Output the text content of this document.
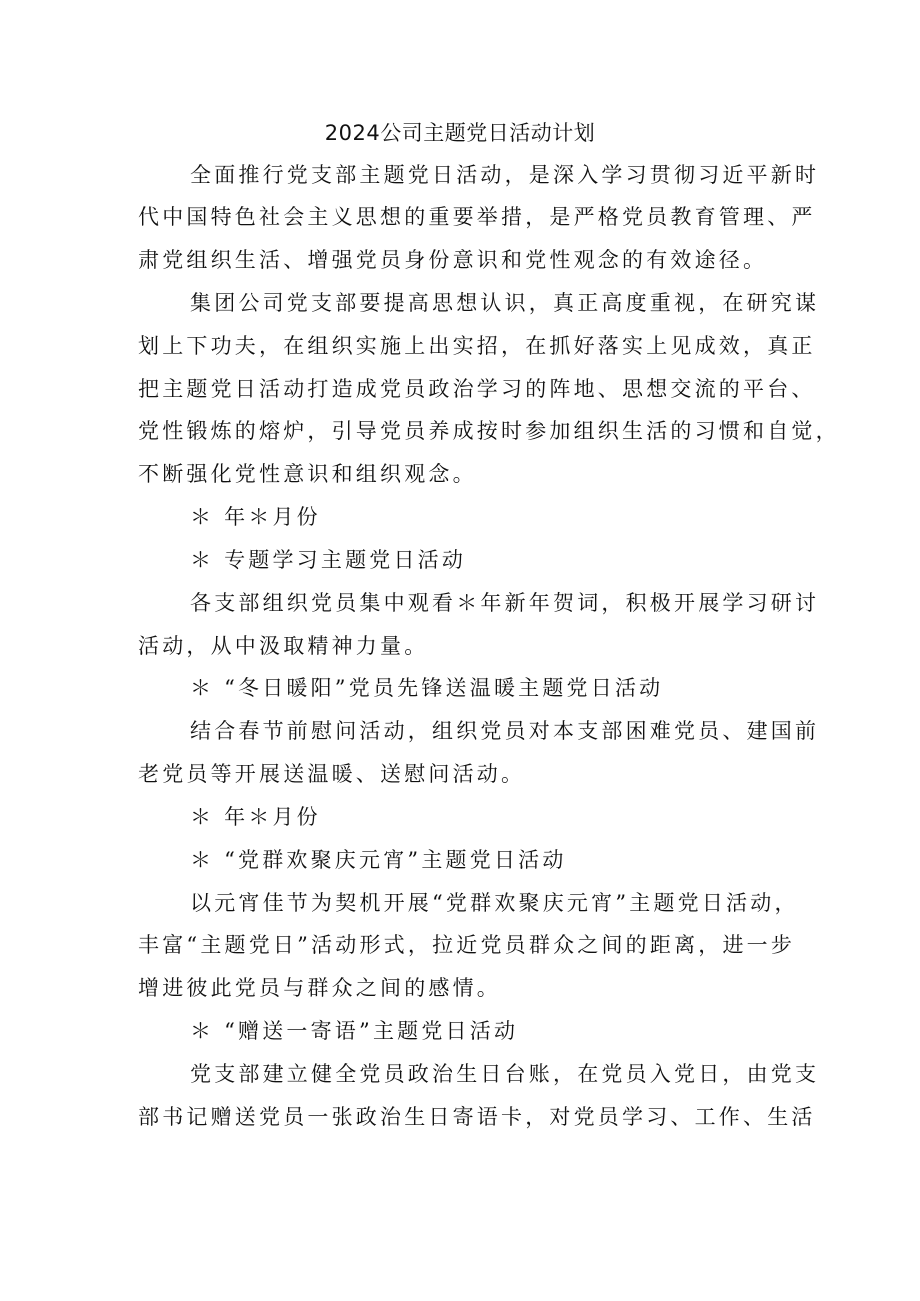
2024公司主题党日活动计划
全面推行党支部主题党日活动，是深入学习贯彻习近平新时
代中国特色社会主义思想的重要举措，是严格党员教育管理、严
肃党组织生活、增强党员身份意识和党性观念的有效途径。
集团公司党支部要提高思想认识，真正高度重视，在研究谋
划上下功夫，在组织实施上出实招，在抓好落实上见成效，真正
把主题党日活动打造成党员政治学习的阵地、思想交流的平台、
党性锻炼的熔炉，引导党员养成按时参加组织生活的习惯和自觉，
不断强化党性意识和组织观念。
＊ 年＊月份
＊ 专题学习主题党日活动
各支部组织党员集中观看＊年新年贺词，积极开展学习研讨
活动，从中汲取精神力量。
＊ “冬日暖阳”党员先锋送温暖主题党日活动
结合春节前慰问活动，组织党员对本支部困难党员、建国前
老党员等开展送温暖、送慰问活动。
＊ 年＊月份
＊ “党群欢聚庆元宵”主题党日活动
以元宵佳节为契机开展“党群欢聚庆元宵”主题党日活动，
丰富“主题党日”活动形式，拉近党员群众之间的距离，进一步
增进彼此党员与群众之间的感情。
＊ “赠送一寄语”主题党日活动
党支部建立健全党员政治生日台账，在党员入党日，由党支
部书记赠送党员一张政治生日寄语卡，对党员学习、工作、生活
